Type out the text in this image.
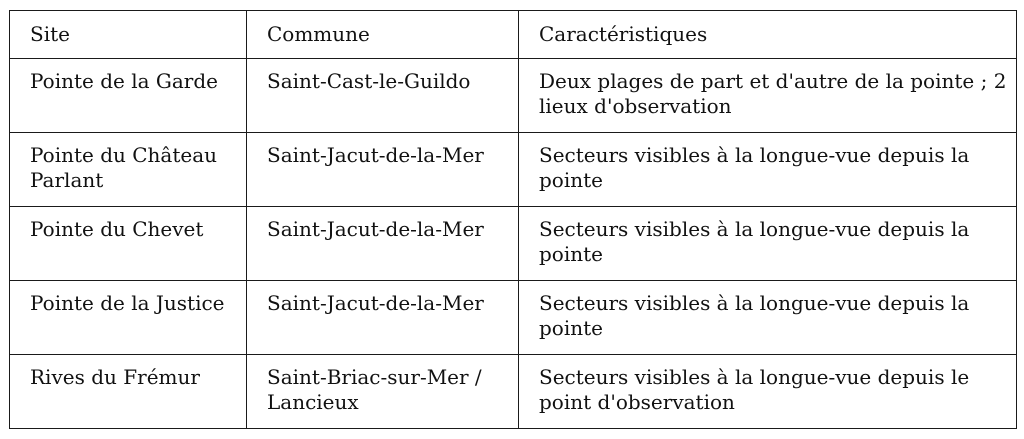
Site	Commune	Caractéristiques
Pointe de la Garde	Saint-Cast-le-Guildo	Deux plages de part et d'autre de la pointe ; 2 lieux d'observation
Pointe du Château Parlant	Saint-Jacut-de-la-Mer	Secteurs visibles à la longue-vue depuis la pointe
Pointe du Chevet	Saint-Jacut-de-la-Mer	Secteurs visibles à la longue-vue depuis la pointe
Pointe de la Justice	Saint-Jacut-de-la-Mer	Secteurs visibles à la longue-vue depuis la pointe
Rives du Frémur	Saint-Briac-sur-Mer / Lancieux	Secteurs visibles à la longue-vue depuis le point d'observation
